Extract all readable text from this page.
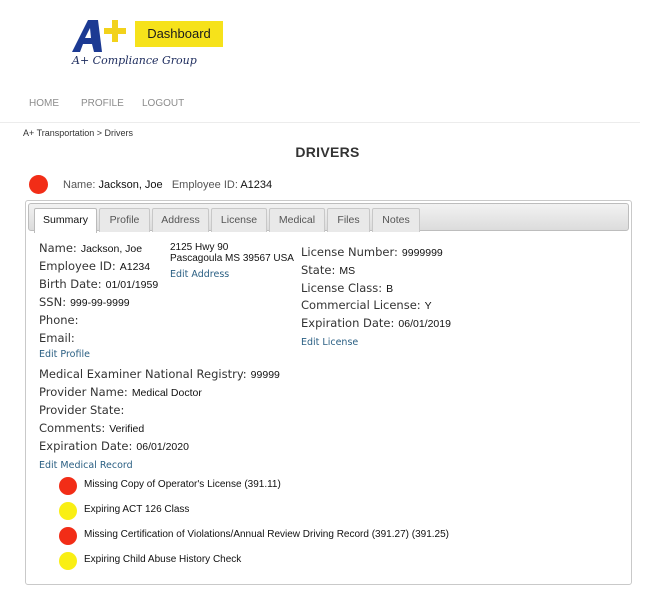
A+ Compliance Group
Dashboard
HOME PROFILE LOGOUT
A+ Transportation > Drivers
DRIVERS
Name: Jackson, Joe Employee ID: A1234
Summary	Profile	Address	License	Medical	Files	Notes
Name: Jackson, Joe
Employee ID: A1234
Birth Date: 01/01/1959
SSN: 999-99-9999
Phone:
Email:
Edit Profile
2125 Hwy 90
Pascagoula MS 39567 USA
Edit Address
License Number: 9999999
State: MS
License Class: B
Commercial License: Y
Expiration Date: 06/01/2019
Edit License
Medical Examiner National Registry: 99999
Provider Name: Medical Doctor
Provider State:
Comments: Verified
Expiration Date: 06/01/2020
Edit Medical Record
Missing Copy of Operator's License (391.11)
Expiring ACT 126 Class
Missing Certification of Violations/Annual Review Driving Record (391.27) (391.25)
Expiring Child Abuse History Check
